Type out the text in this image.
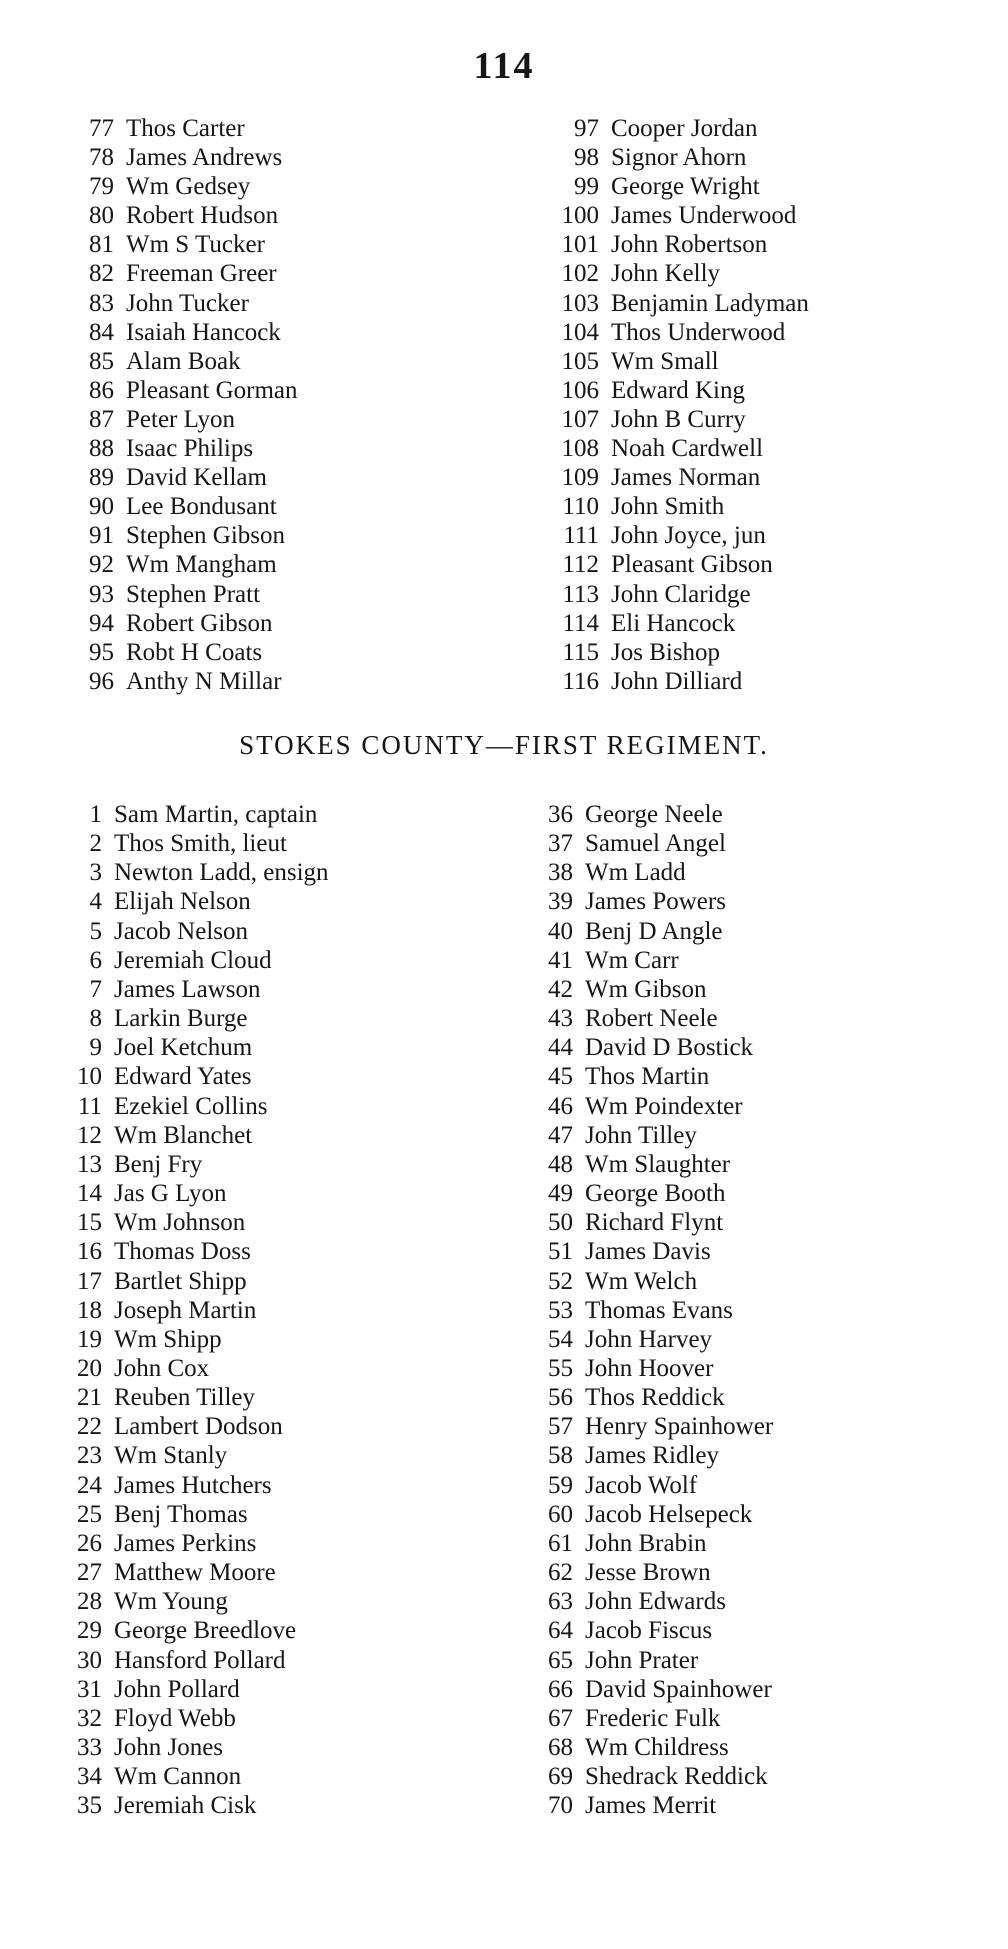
114
77 Thos Carter
78 James Andrews
79 Wm Gedsey
80 Robert Hudson
81 Wm S Tucker
82 Freeman Greer
83 John Tucker
84 Isaiah Hancock
85 Alam Boak
86 Pleasant Gorman
87 Peter Lyon
88 Isaac Philips
89 David Kellam
90 Lee Bondusant
91 Stephen Gibson
92 Wm Mangham
93 Stephen Pratt
94 Robert Gibson
95 Robt H Coats
96 Anthy N Millar
97 Cooper Jordan
98 Signor Ahorn
99 George Wright
100 James Underwood
101 John Robertson
102 John Kelly
103 Benjamin Ladyman
104 Thos Underwood
105 Wm Small
106 Edward King
107 John B Curry
108 Noah Cardwell
109 James Norman
110 John Smith
111 John Joyce, jun
112 Pleasant Gibson
113 John Claridge
114 Eli Hancock
115 Jos Bishop
116 John Dilliard
STOKES COUNTY—FIRST REGIMENT.
1 Sam Martin, captain
2 Thos Smith, lieut
3 Newton Ladd, ensign
4 Elijah Nelson
5 Jacob Nelson
6 Jeremiah Cloud
7 James Lawson
8 Larkin Burge
9 Joel Ketchum
10 Edward Yates
11 Ezekiel Collins
12 Wm Blanchet
13 Benj Fry
14 Jas G Lyon
15 Wm Johnson
16 Thomas Doss
17 Bartlet Shipp
18 Joseph Martin
19 Wm Shipp
20 John Cox
21 Reuben Tilley
22 Lambert Dodson
23 Wm Stanly
24 James Hutchers
25 Benj Thomas
26 James Perkins
27 Matthew Moore
28 Wm Young
29 George Breedlove
30 Hansford Pollard
31 John Pollard
32 Floyd Webb
33 John Jones
34 Wm Cannon
35 Jeremiah Cisk
36 George Neele
37 Samuel Angel
38 Wm Ladd
39 James Powers
40 Benj D Angle
41 Wm Carr
42 Wm Gibson
43 Robert Neele
44 David D Bostick
45 Thos Martin
46 Wm Poindexter
47 John Tilley
48 Wm Slaughter
49 George Booth
50 Richard Flynt
51 James Davis
52 Wm Welch
53 Thomas Evans
54 John Harvey
55 John Hoover
56 Thos Reddick
57 Henry Spainhower
58 James Ridley
59 Jacob Wolf
60 Jacob Helsepeck
61 John Brabin
62 Jesse Brown
63 John Edwards
64 Jacob Fiscus
65 John Prater
66 David Spainhower
67 Frederic Fulk
68 Wm Childress
69 Shedrack Reddick
70 James Merrit
